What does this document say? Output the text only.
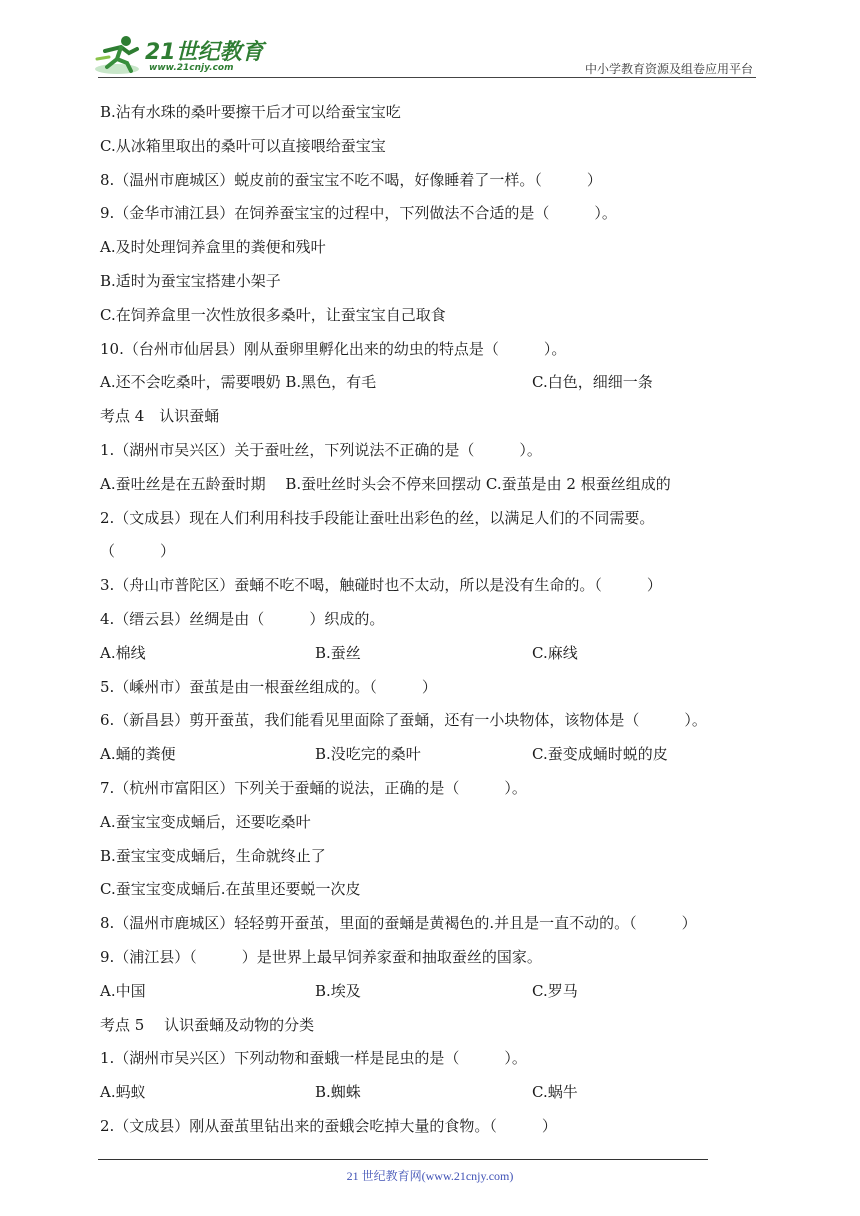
21世纪教育
www.21cnjy.com	中小学教育资源及组卷应用平台
B.沾有水珠的桑叶要擦干后才可以给蚕宝宝吃
C.从冰箱里取出的桑叶可以直接喂给蚕宝宝
8.（温州市鹿城区）蜕皮前的蚕宝宝不吃不喝，好像睡着了一样。（　　　）
9.（金华市浦江县）在饲养蚕宝宝的过程中，下列做法不合适的是（　　　）。
A.及时处理饲养盒里的粪便和残叶
B.适时为蚕宝宝搭建小架子
C.在饲养盒里一次性放很多桑叶，让蚕宝宝自己取食
10.（台州市仙居县）刚从蚕卵里孵化出来的幼虫的特点是（　　　）。
A.还不会吃桑叶，需要喂奶 B.黑色，有毛	C.白色，细细一条
考点 4　认识蚕蛹
1.（湖州市吴兴区）关于蚕吐丝，下列说法不正确的是（　　　）。
A.蚕吐丝是在五龄蚕时期　 B.蚕吐丝时头会不停来回摆动 C.蚕茧是由 2 根蚕丝组成的
2.（文成县）现在人们利用科技手段能让蚕吐出彩色的丝，以满足人们的不同需要。
（　　　）
3.（舟山市普陀区）蚕蛹不吃不喝，触碰时也不太动，所以是没有生命的。（　　　）
4.（缙云县）丝绸是由（　　　）织成的。
A.棉线	B.蚕丝	C.麻线
5.（嵊州市）蚕茧是由一根蚕丝组成的。（　　　）
6.（新昌县）剪开蚕茧，我们能看见里面除了蚕蛹，还有一小块物体，该物体是（　　　）。
A.蛹的粪便	B.没吃完的桑叶	C.蚕变成蛹时蜕的皮
7.（杭州市富阳区）下列关于蚕蛹的说法，正确的是（　　　）。
A.蚕宝宝变成蛹后，还要吃桑叶
B.蚕宝宝变成蛹后，生命就终止了
C.蚕宝宝变成蛹后.在茧里还要蜕一次皮
8.（温州市鹿城区）轻轻剪开蚕茧，里面的蚕蛹是黄褐色的.并且是一直不动的。（　　　）
9.（浦江县）（　　　）是世界上最早饲养家蚕和抽取蚕丝的国家。
A.中国	B.埃及	C.罗马
考点 5　 认识蚕蛹及动物的分类
1.（湖州市吴兴区）下列动物和蚕蛾一样是昆虫的是（　　　）。
A.蚂蚁	B.蜘蛛	C.蜗牛
2.（文成县）刚从蚕茧里钻出来的蚕蛾会吃掉大量的食物。（　　　）
21 世纪教育网(www.21cnjy.com)
